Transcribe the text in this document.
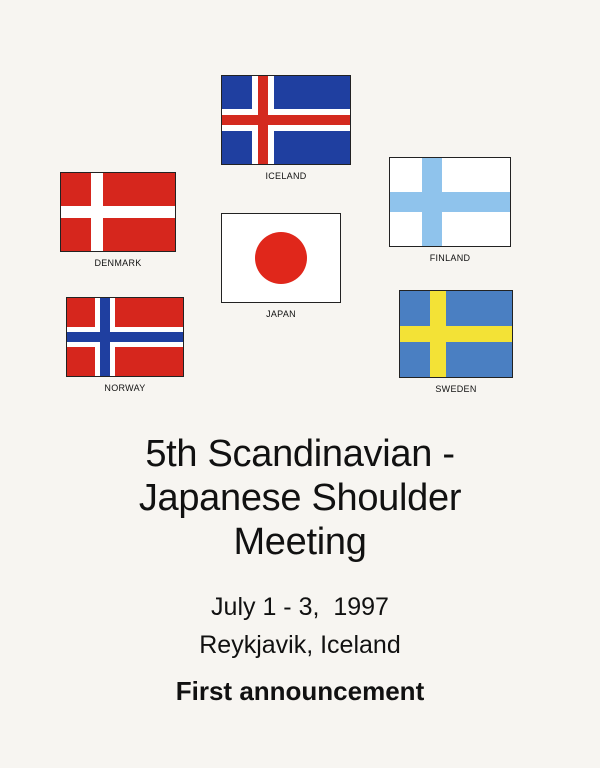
ICELAND
DENMARK
JAPAN
FINLAND
NORWAY	SWEDEN
5th Scandinavian -
Japanese Shoulder
Meeting
July 1 - 3,  1997
Reykjavik, Iceland
First announcement
